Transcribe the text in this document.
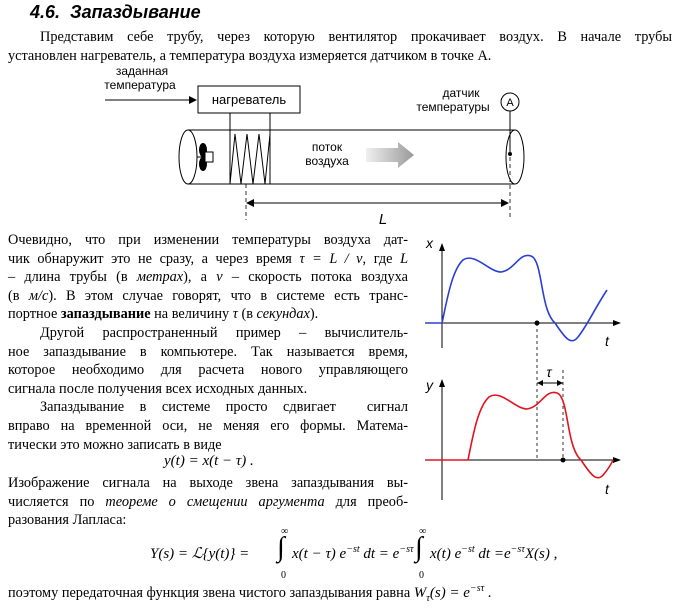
4.6. Запаздывание
Представим себе трубу, через которую вентилятор прокачивает воздух. В начале трубы
установлен нагреватель, а температура воздуха измеряется датчиком в точке А.
заданная
температура
нагреватель
поток
воздуха
датчик
температуры A
L
Очевидно, что при изменении температуры воздуха дат-
чик обнаружит это не сразу, а через время τ = L / v, где L
– длина трубы (в метрах), а v – скорость потока воздуха
(в м/с). В этом случае говорят, что в системе есть транс-
портное запаздывание на величину τ (в секундах).
Другой распространенный пример – вычислитель-
ное запаздывание в компьютере. Так называется время,
которое необходимо для расчета нового управляющего
сигнала после получения всех исходных данных.
Запаздывание в системе просто сдвигает  сигнал
вправо на временной оси, не меняя его формы. Матема-
тически это можно записать в виде
y(t) = x(t − τ) .
Изображение сигнала на выходе звена запаздывания вы-
числяется по теореме о смещении аргумента для преоб-
разования Лапласа:
Y(s) = ℒ{y(t)} = ∫
∞
0
x(t − τ) $e^{-st}$ dt = $e^{-s\tau}$ ∫
∞
0
x(t) $e^{-st}$ dt $=e^{-s\tau}X(s)$ ,
поэтому передаточная функция звена чистого запаздывания равна $W_\tau(s) = e^{-s\tau}$ .
x
t
τ
y
t
